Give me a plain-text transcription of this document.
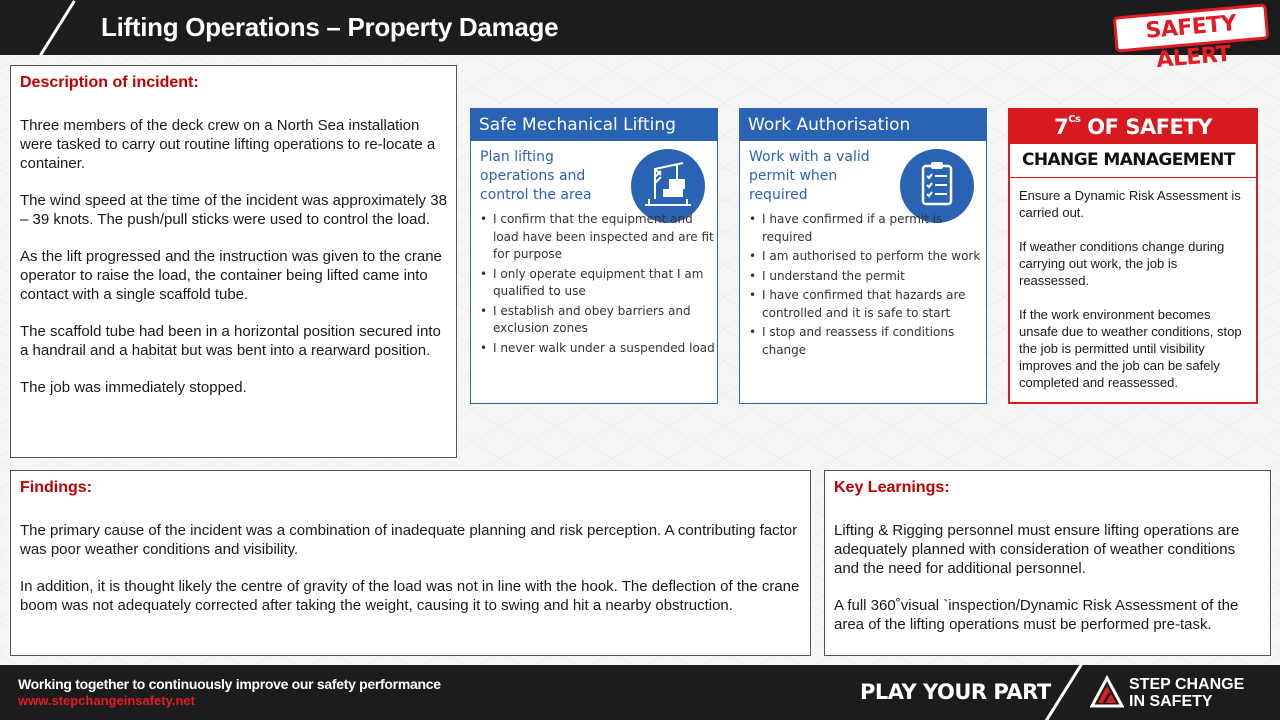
Lifting Operations – Property Damage	SAFETY ALERT
Description of incident:

Three members of the deck crew on a North Sea installation were tasked to carry out routine lifting operations to re-locate a container.

The wind speed at the time of the incident was approximately 38 – 39 knots. The push/pull sticks were used to control the load.

As the lift progressed and the instruction was given to the crane operator to raise the load, the container being lifted came into contact with a single scaffold tube.

The scaffold tube had been in a horizontal position secured into a handrail and a habitat but was bent into a rearward position.

The job was immediately stopped.

Safe Mechanical Lifting
Plan lifting operations and control the area
• I confirm that the equipment and load have been inspected and are fit for purpose
• I only operate equipment that I am qualified to use
• I establish and obey barriers and exclusion zones
• I never walk under a suspended load
Work Authorisation
Work with a valid permit when required
• I have confirmed if a permit is required
• I am authorised to perform the work
• I understand the permit
• I have confirmed that hazards are controlled and it is safe to start
• I stop and reassess if conditions change
$7^{Cs}$ OF SAFETY
CHANGE MANAGEMENT

Ensure a Dynamic Risk Assessment is carried out.

If weather conditions change during carrying out work, the job is reassessed.

If the work environment becomes unsafe due to weather conditions, stop the job is permitted until visibility improves and the job can be safely completed and reassessed.

Findings:

The primary cause of the incident was a combination of inadequate planning and risk perception. A contributing factor was poor weather conditions and visibility.

In addition, it is thought likely the centre of gravity of the load was not in line with the hook. The deflection of the crane boom was not adequately corrected after taking the weight, causing it to swing and hit a nearby obstruction.

Key Learnings:

Lifting & Rigging personnel must ensure lifting operations are adequately planned with consideration of weather conditions and the need for additional personnel.

A full 360˚visual `inspection/Dynamic Risk Assessment of the area of the lifting operations must be performed pre-task.

Working together to continuously improve our safety performance
www.stepchangeinsafety.net	PLAY YOUR PART	STEP CHANGE
IN SAFETY
